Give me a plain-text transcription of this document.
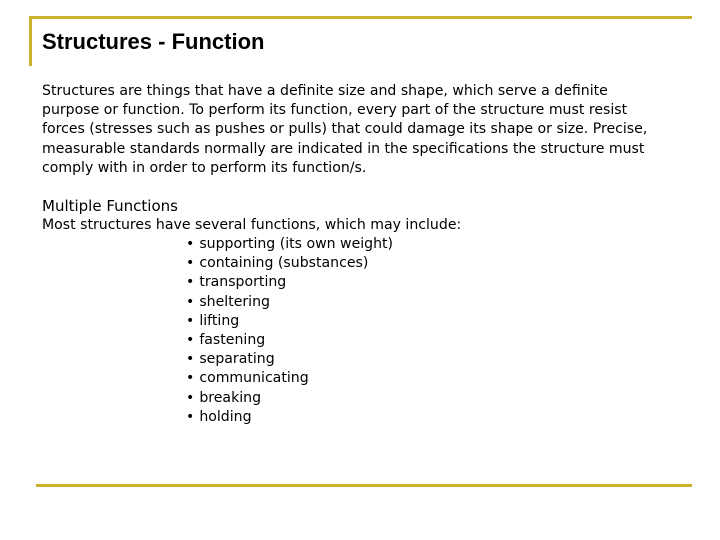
Structures - Function

Structures are things that have a definite size and shape, which serve a definite purpose or function. To perform its function, every part of the structure must resist forces (stresses such as pushes or pulls) that could damage its shape or size. Precise, measurable standards normally are indicated in the specifications the structure must comply with in order to perform its function/s.

Multiple Functions

Most structures have several functions, which may include:

• supporting (its own weight)
• containing (substances)
• transporting
• sheltering
• lifting
• fastening
• separating
• communicating
• breaking
• holding
